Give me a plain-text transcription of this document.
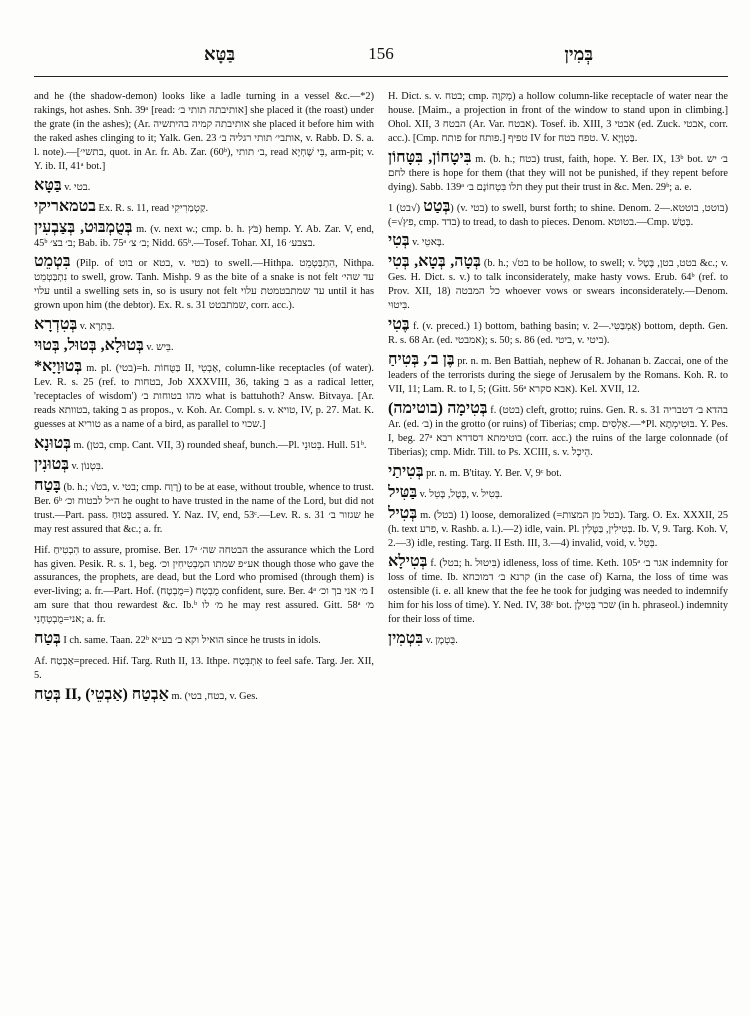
בַּטָּא	156	בְּמִין

and he (the shadow-demon) looks like a ladle turning in a vessel &c.—*2) rakings, hot ashes. Snh. 39ᵃ [read: אותיבתה תותי ב׳] she placed it (the roast) under the grate (in the ashes); (Ar. אותיבתה קמיה בהיתשיה she placed it before him with the raked ashes clinging to it; Yalk. Gen. 23 אותבי׳ תותי רגליה ב׳, v. Rabb. D. S. a. l. note).—[בתשי׳, quot. in Ar. fr. Ab. Zar. (60ᵇ), ב׳ תותי, read בֵּי שֶׁחְיָא, arm-pit; v. Y. ib. II, 41ᵃ bot.]

בַּטָּא v. בטי.

בטמאריקי Ex. R. s. 11, read קַטְמַרִיקִי.

בְּטֻמְבּוּט, בְּצַבְעִין m. (v. next w.; cmp. b. h. בֹּץ) hemp. Y. Ab. Zar. V, end, 45ᵇ ב׳ בצ׳; Bab. ib. 75ᵃ ב׳ צ׳; Nidd. 65ᵇ.—Tosef. Tohar. XI, 16 בצבע׳.

בִּטְמֵט (Pilp. of בוט or בטא, v. בטי) to swell.—Hithpa. הִתְבַּטְמֵט, Nithpa. נִתְבַּטְמֵט to swell, grow. Tanh. Mishp. 9 as the bite of a snake is not felt עד שהי׳ עלוי until a swelling sets in, so is usury not felt עד שמתבטמטת עלוי until it has grown upon him (the debtor). Ex. R. s. 31 שמתבטט, corr. acc.).

בְּטִדְרָא v. בְּתִרָא.

בְּטוּלָא, בְּטוּל, בְּטוּי v. בֵּיש.

*בְּטוּוָיָא m. pl. (בטי)=h. בַּטֻּחוֹת II, אַבְטֵי, column-like receptacles (of water). Lev. R. s. 25 (ref. to בטחות, Job XXXVIII, 36, taking ב as a radical letter, 'receptacles of wisdom') מהו בטוחות ב׳ what is battuhoth? Answ. Bitvaya. [Ar. reads בטוותא, taking ב as propos., v. Koh. Ar. Compl. s. v. טויא, IV, p. 27. Mat. K. guesses at טוריא as a name of a bird, as parallel to שכוי.]

בְּטוּנָא m. (בטן, cmp. Cant. VII, 3) rounded sheaf, bunch.—Pl. בְּטוּנֵי. Hull. 51ᵇ.

בְּטוּנִין v. בִּטְנוֹן.

בָּטַח (b. h.; √בט, v. בטי; cmp. רָוַח) to be at ease, without trouble, whence to trust. Ber. 6ᵇ ה״ל לבטוח וכ׳ he ought to have trusted in the name of the Lord, but did not trust.—Part. pass. בָּטוּחַ assured. Y. Naz. IV, end, 53ᶜ.—Lev. R. s. 31 שגזור ב׳ he may rest assured that &c.; a. fr.

Hif. הִבְטִיחַ to assure, promise. Ber. 17ᵃ הבטחה שה׳ the assurance which the Lord has given. Pesik. R. s. 1, beg. אע״פ שמתו המַבְטִיחִין וכ׳ though those who gave the assurances, the prophets, are dead, but the Lord who promised (through them) is ever-living; a. fr.—Part. Hof. מֻבְטָח (=מֻבְטָח) confident, sure. Ber. 4ᵃ מ׳ אני בך וכ׳ I am sure that thou rewardest &c. Ib.ᵇ מ׳ לו he may rest assured. Gitt. 58ᵃ מ׳ אני=מֻבְטְחָנִי; a. fr.

בְּטַח I ch. same. Taan. 22ᵇ הואיל וקא ב׳ בע״א since he trusts in idols.

Af. אַבְטַח=preced. Hif. Targ. Ruth II, 13. Ithpe. אִתְבְּטַח to feel safe. Targ. Jer. XII, 5.

בְּטַח II, אַבְטַח (אַבְטֵי) m. (בטח, בטי, v. Ges.

H. Dict. s. v. בטח; cmp. מְקוֶה) a hollow column-like receptacle of water near the house. [Maim., a projection in front of the window to stand upon in climbing.] Ohol. XII, 3 הבטח (Ar. Var. אבטח). Tosef. ib. XIII, 3 אבטי (ed. Zuck. אבטי, corr. acc.). [Cmp. פותח for פותח.] טפיף IV for טפח בטח. V. בַּטְוָיָא.

בִּיטָחוֹן, בִּטָּחוֹן m. (b. h.; בטח) trust, faith, hope. Y. Ber. IX, 13ᵇ bot. ב׳ יש לחם there is hope for them (that they will not be punished, if they repent before dying). Sabb. 139ᵃ תלו בִּטְחוֹנָם ב׳ they put their trust in &c. Men. 29ᵇ; a. e.

בְּטַט (√בט) 1) (v. בטי) to swell, burst forth; to shine. Denom. בוטט, בוטטא.—2) (=√פץ, cmp. בדד) to tread, to dash to pieces. Denom. בטוטא.—Cmp. בְּטַשׁ.

בְּטִי v. בָּאטֵי.

בְּטָה, בְּטָא, בְּטִי (b. h.; √בט to be hollow, to swell; v. בטט, בטן, בֶּטֶל &c.; v. Ges. H. Dict. s. v.) to talk inconsiderately, make hasty vows. Erub. 64ᵇ (ref. to Prov. XII, 18) כל המבטה whoever vows or swears inconsiderately.—Denom. בִּיטוּי.

בֶּטִי f. (v. preced.) 1) bottom, bathing basin; v. אַמְבַּטִּי.—2) bottom, depth. Gen. R. s. 68 Ar. (ed. אמבטי); s. 50; s. 86 (ed. ביטי, v. ביטי).

בֶּן ב׳, בְּטִיחַ pr. n. m. Ben Battiah, nephew of R. Johanan b. Zaccai, one of the leaders of the terrorists during the siege of Jerusalem by the Romans. Koh. R. to VII, 11; Lam. R. to I, 5; (Gitt. 56ᵃ אבא סקרא). Kel. XVII, 12.

בְּטִימָה (בוטימה) f. (בטט) cleft, grotto; ruins. Gen. R. s. 31 בהדא ב׳ דטבריה Ar. (ed. ב׳) in the grotto (or ruins) of Tiberias; cmp. אַלְסִים.—*Pl. בּוּטִימְתָא. Y. Pes. I, beg. 27ᵃ בוטימתא דסדרא רבא (corr. acc.) the ruins of the large colonnade (of Tiberias); cmp. Midr. Till. to Ps. XCIII, s. v. הֵיכָל.

בְּטִיתַי pr. n. m. B'titay. Y. Ber. V, 9ᶜ bot.

בַּטִּיל v. בֶּטֶל, בָּטֵל, v. בְּטִיל.

בְּטִיל m. (בטל) 1) loose, demoralized (=בטל מן המצות). Targ. O. Ex. XXXII, 25 (h. text פרע, v. Rashb. a. l.).—2) idle, vain. Pl. בְּטִילִין, בַּטָּלִין. Ib. V, 9. Targ. Koh. V, 2.—3) idle, resting. Targ. II Esth. III, 3.—4) invalid, void, v. בְּטֵל.

בְּטִילָא f. (בטל; h. בִּיטוּל) idleness, loss of time. Keth. 105ᵃ אגר ב׳ indemnity for loss of time. Ib. קרנא ב׳ דמוכחא (in the case of) Karna, the loss of time was ostensible (i. e. all knew that the fee he took for judging was needed to indemnify him for his loss of time). Y. Ned. IV, 38ᶜ bot. שכר בְּטִילָן (in h. phraseol.) indemnity for their loss of time.

בִּטְמִין v. בֻּטְמָן.
